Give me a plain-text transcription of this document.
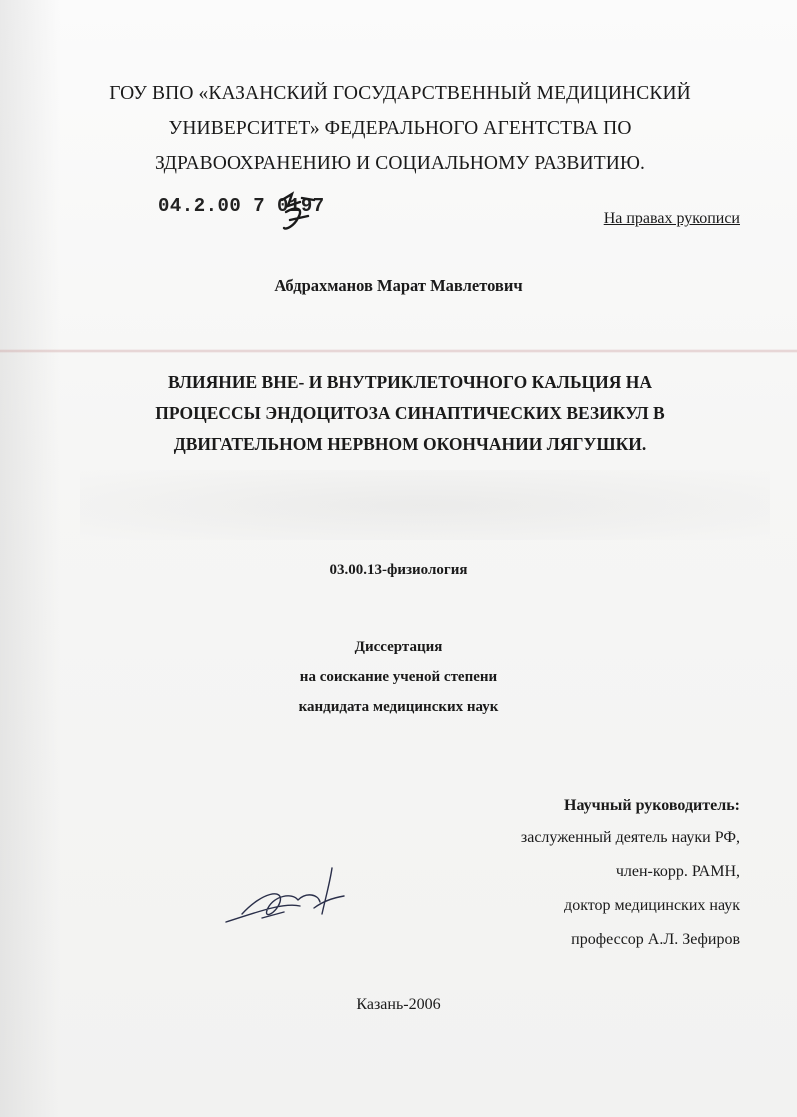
ГОУ ВПО «КАЗАНСКИЙ ГОСУДАРСТВЕННЫЙ МЕДИЦИНСКИЙ
УНИВЕРСИТЕТ» ФЕДЕРАЛЬНОГО АГЕНТСТВА ПО
ЗДРАВООХРАНЕНИЮ И СОЦИАЛЬНОМУ РАЗВИТИЮ.
04.2.00 7 0197
На правах рукописи
Абдрахманов Марат Мавлетович
ВЛИЯНИЕ ВНЕ- И ВНУТРИКЛЕТОЧНОГО КАЛЬЦИЯ НА
ПРОЦЕССЫ ЭНДОЦИТОЗА СИНАПТИЧЕСКИХ ВЕЗИКУЛ В
ДВИГАТЕЛЬНОМ НЕРВНОМ ОКОНЧАНИИ ЛЯГУШКИ.
03.00.13-физиология
Диссертация
на соискание ученой степени
кандидата медицинских наук
Научный руководитель:
заслуженный деятель науки РФ,
член-корр. РАМН,
доктор медицинских наук
профессор А.Л. Зефиров
Казань-2006
